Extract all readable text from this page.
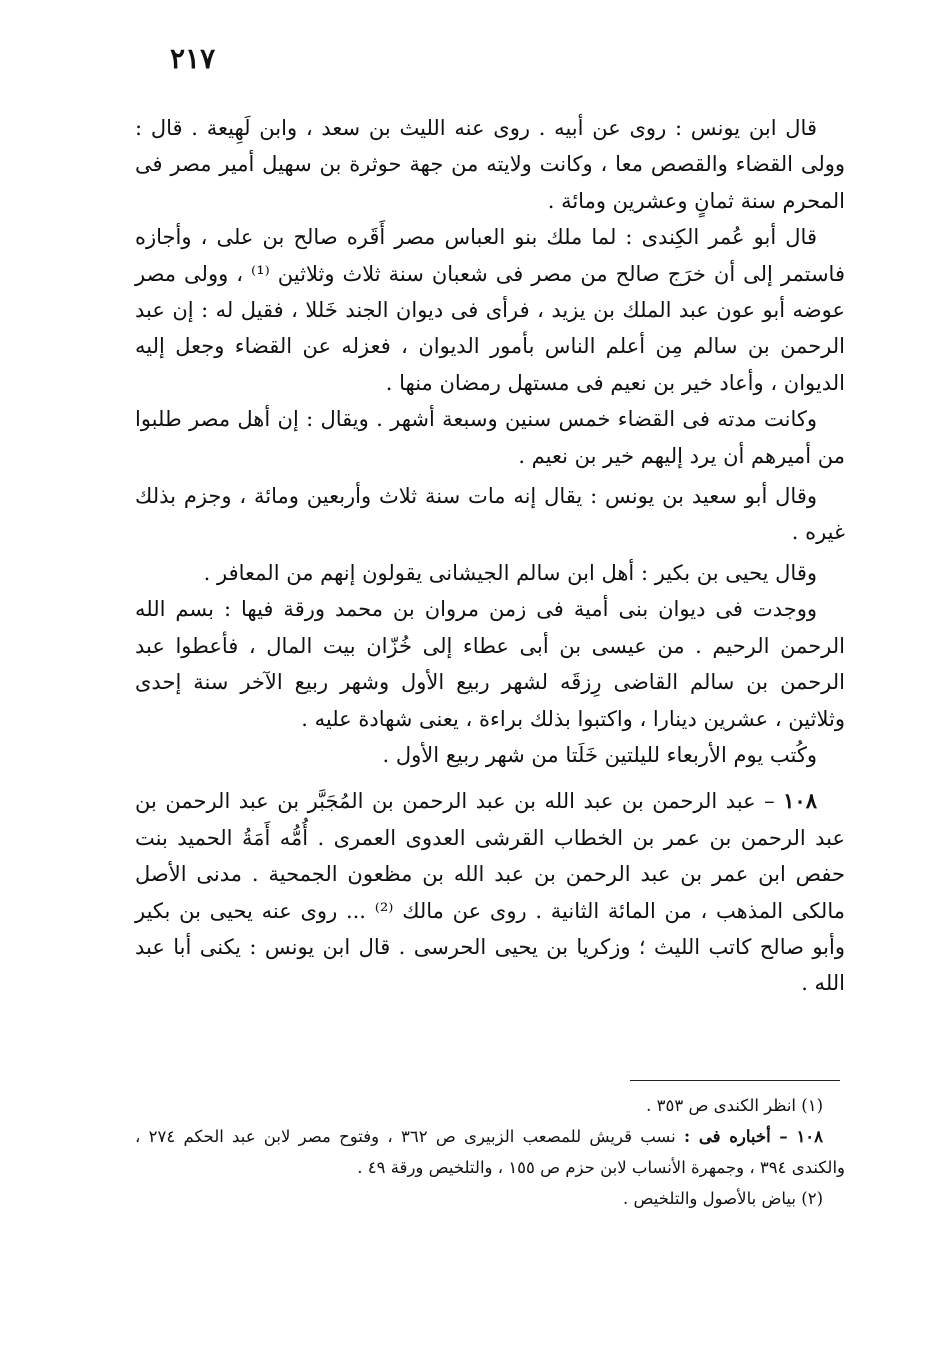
٢١٧

قال ابن يونس : روى عن أبيه . روى عنه الليث بن سعد ، وابن لَهِيعة . قال : وولى القضاء والقصص معا ، وكانت ولايته من جهة حوثرة بن سهيل أمير مصر فى المحرم سنة ثمانٍ وعشرين ومائة .

قال أبو عُمر الكِندى : لما ملك بنو العباس مصر أَقَره صالح بن على ، وأجازه فاستمر إلى أن خرَج صالح من مصر فى شعبان سنة ثلاث وثلاثين ⁽¹⁾ ، وولى مصر عوضه أبو عون عبد الملك بن يزيد ، فرأى فى ديوان الجند خَللا ، فقيل له : إن عبد الرحمن بن سالم مِن أعلم الناس بأمور الديوان ، فعزله عن القضاء وجعل إليه الديوان ، وأعاد خير بن نعيم فى مستهل رمضان منها .

وكانت مدته فى القضاء خمس سنين وسبعة أشهر . ويقال : إن أهل مصر طلبوا من أميرهم أن يرد إليهم خير بن نعيم .

وقال أبو سعيد بن يونس : يقال إنه مات سنة ثلاث وأربعين ومائة ، وجزم بذلك غيره .

وقال يحيى بن بكير : أهل ابن سالم الجيشانى يقولون إنهم من المعافر .

ووجدت فى ديوان بنى أمية فى زمن مروان بن محمد ورقة فيها : بسم الله الرحمن الرحيم . من عيسى بن أبى عطاء إلى خُزّان بيت المال ، فأعطوا عبد الرحمن بن سالم القاضى رِزقَه لشهر ربيع الأول وشهر ربيع الآخر سنة إحدى وثلاثين ، عشرين دينارا ، واكتبوا بذلك براءة ، يعنى شهادة عليه .

وكُتب يوم الأربعاء لليلتين خَلَتا من شهر ربيع الأول .

١٠٨ – عبد الرحمن بن عبد الله بن عبد الرحمن بن المُجَبَّر بن عبد الرحمن بن عبد الرحمن بن عمر بن الخطاب القرشى العدوى العمرى . أُمُّه أَمَةُ الحميد بنت حفص ابن عمر بن عبد الرحمن بن عبد الله بن مظعون الجمحية . مدنى الأصل مالكى المذهب ، من المائة الثانية . روى عن مالك ⁽²⁾ ... روى عنه يحيى بن بكير وأبو صالح كاتب الليث ؛ وزكريا بن يحيى الحرسى . قال ابن يونس : يكنى أبا عبد الله .

(١) انظر الكندى ص ٣٥٣ .

١٠٨ – أخباره فى : نسب قريش للمصعب الزبيرى ص ٣٦٢ ، وفتوح مصر لابن عبد الحكم ٢٧٤ ، والكندى ٣٩٤ ، وجمهرة الأنساب لابن حزم ص ١٥٥ ، والتلخيص ورقة ٤٩ .

(٢) بياض بالأصول والتلخيص .
